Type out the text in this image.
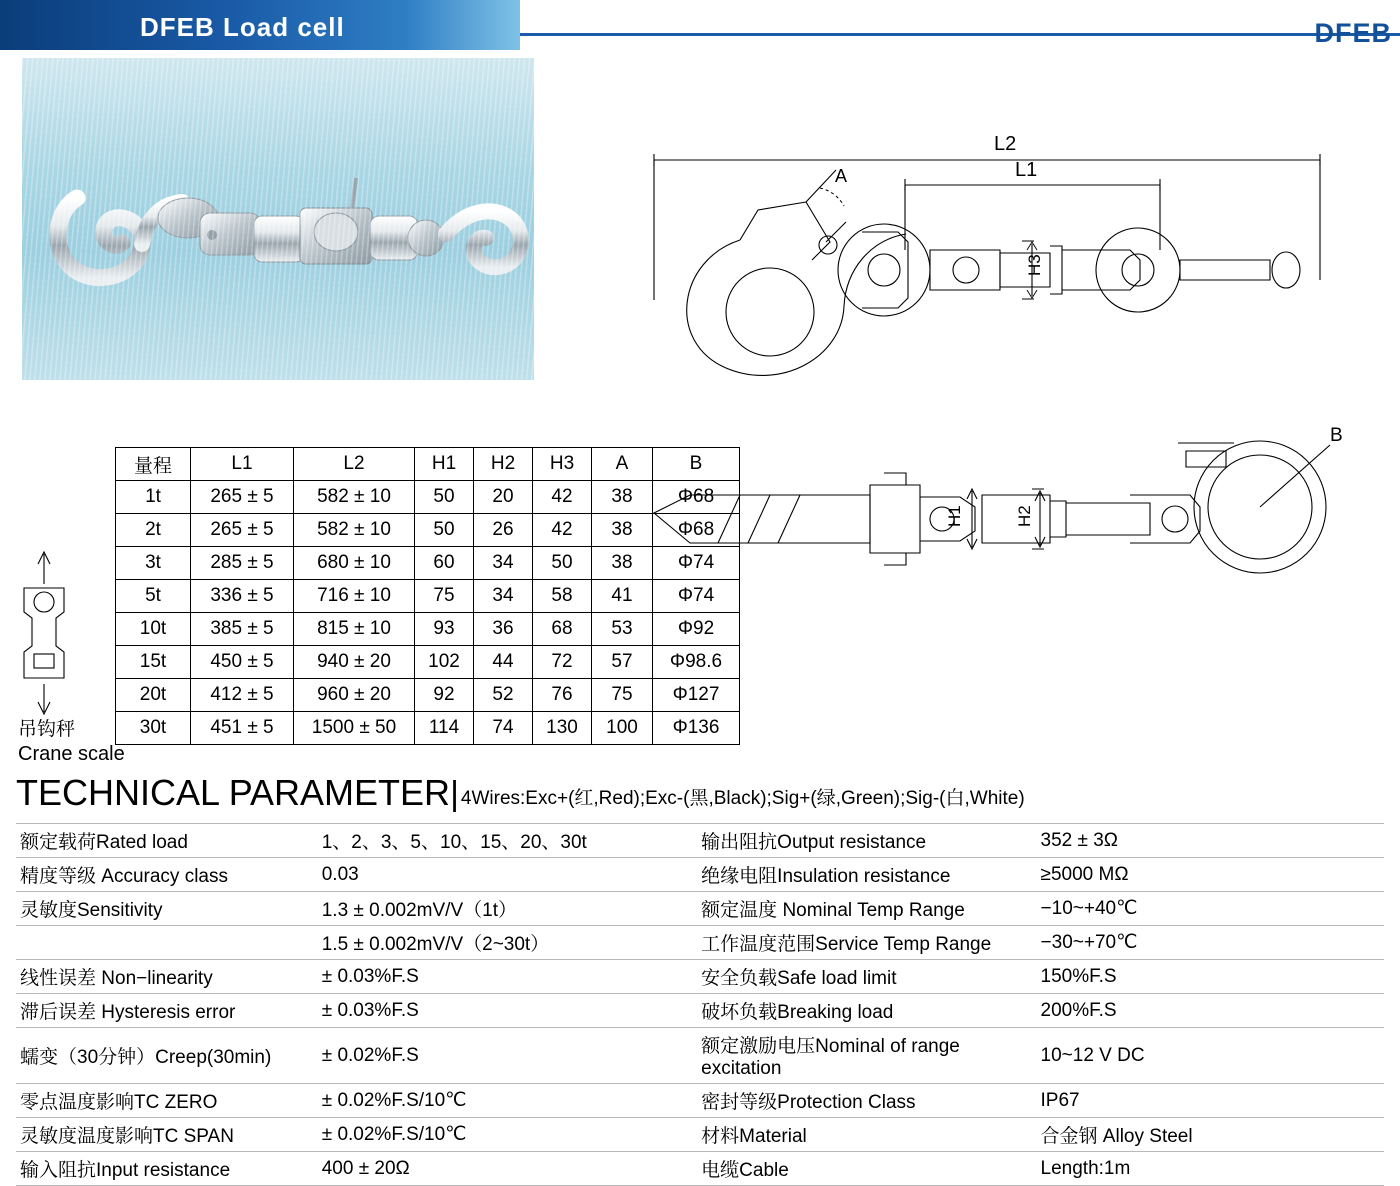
DFEB Load cell	DFEB
L2
L1
A
H3
H1	H2
B
吊钩秤
Crane scale
量程	L1	L2	H1	H2	H3	A	B
1t	265 ± 5	582 ± 10	50	20	42	38	Φ68
2t	265 ± 5	582 ± 10	50	26	42	38	Φ68
3t	285 ± 5	680 ± 10	60	34	50	38	Φ74
5t	336 ± 5	716 ± 10	75	34	58	41	Φ74
10t	385 ± 5	815 ± 10	93	36	68	53	Φ92
15t	450 ± 5	940 ± 20	102	44	72	57	Φ98.6
20t	412 ± 5	960 ± 20	92	52	76	75	Φ127
30t	451 ± 5	1500 ± 50	114	74	130	100	Φ136
TECHNICAL PARAMETER| 4Wires:Exc+(红,Red);Exc-(黑,Black);Sig+(绿,Green);Sig-(白,White)
额定载荷Rated load	1、2、3、5、10、15、20、30t	输出阻抗Output resistance	352 ± 3Ω
精度等级 Accuracy class	0.03	绝缘电阻Insulation resistance	≥5000 MΩ
灵敏度Sensitivity	1.3 ± 0.002mV/V（1t）	额定温度 Nominal Temp Range	−10~+40℃
	1.5 ± 0.002mV/V（2~30t）	工作温度范围Service Temp Range	−30~+70℃
线性误差 Non−linearity	± 0.03%F.S	安全负载Safe load limit	150%F.S
滞后误差 Hysteresis error	± 0.03%F.S	破坏负载Breaking load	200%F.S
蠕变（30分钟）Creep(30min)	± 0.02%F.S	额定激励电压Nominal of range excitation	10~12 V DC
零点温度影响TC ZERO	± 0.02%F.S/10℃	密封等级Protection Class	IP67
灵敏度温度影响TC SPAN	± 0.02%F.S/10℃	材料Material	合金钢 Alloy Steel
输入阻抗Input resistance	400 ± 20Ω	电缆Cable	Length:1m
